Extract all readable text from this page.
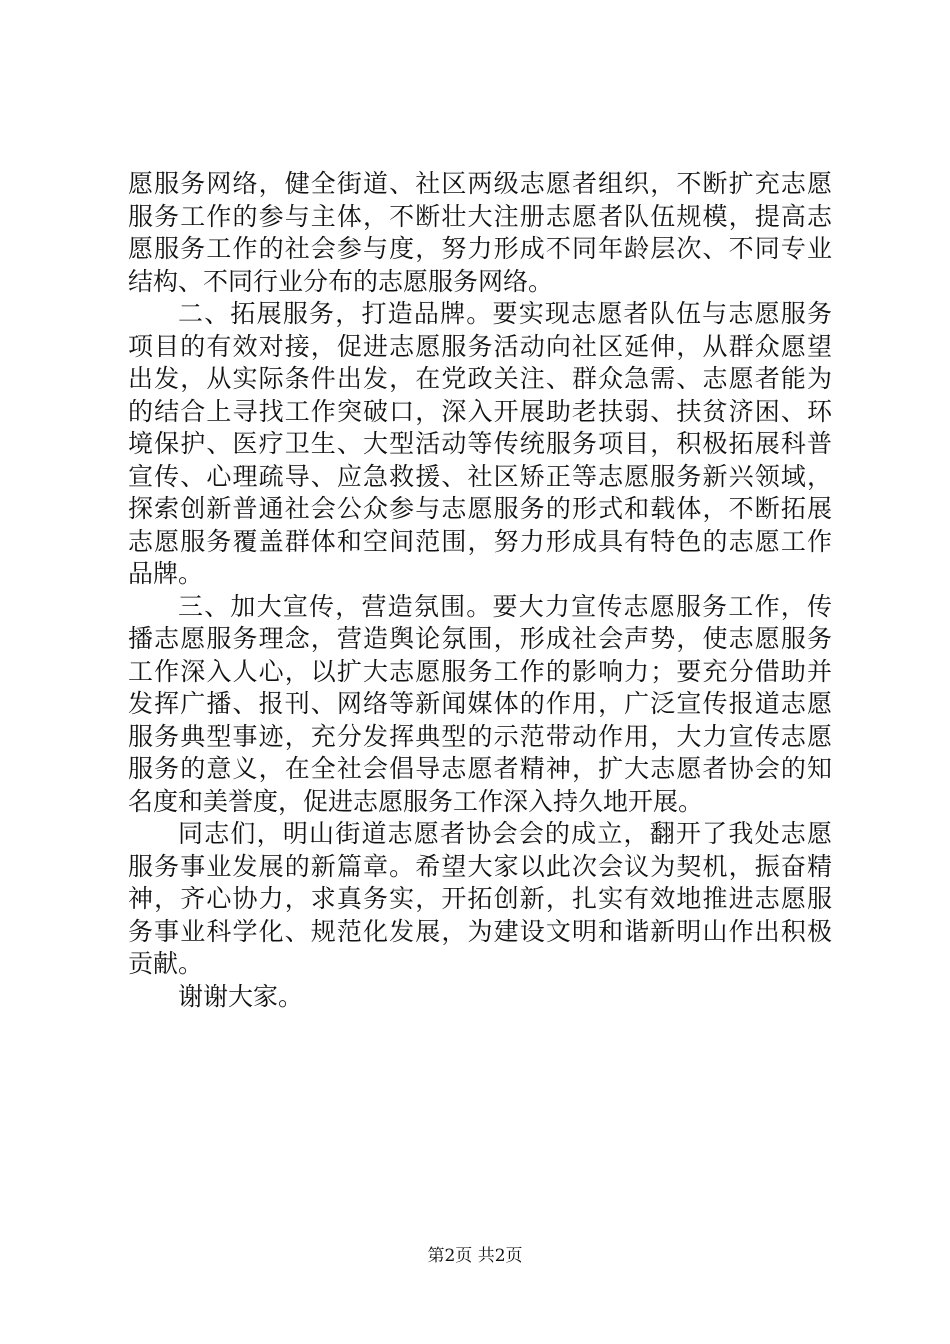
愿服务网络，健全街道、社区两级志愿者组织，不断扩充志愿
服务工作的参与主体，不断壮大注册志愿者队伍规模，提高志
愿服务工作的社会参与度，努力形成不同年龄层次、不同专业
结构、不同行业分布的志愿服务网络。
二、拓展服务，打造品牌。要实现志愿者队伍与志愿服务
项目的有效对接，促进志愿服务活动向社区延伸，从群众愿望
出发，从实际条件出发，在党政关注、群众急需、志愿者能为
的结合上寻找工作突破口，深入开展助老扶弱、扶贫济困、环
境保护、医疗卫生、大型活动等传统服务项目，积极拓展科普
宣传、心理疏导、应急救援、社区矫正等志愿服务新兴领域，
探索创新普通社会公众参与志愿服务的形式和载体，不断拓展
志愿服务覆盖群体和空间范围，努力形成具有特色的志愿工作
品牌。
三、加大宣传，营造氛围。要大力宣传志愿服务工作，传
播志愿服务理念，营造舆论氛围，形成社会声势，使志愿服务
工作深入人心，以扩大志愿服务工作的影响力；要充分借助并
发挥广播、报刊、网络等新闻媒体的作用，广泛宣传报道志愿
服务典型事迹，充分发挥典型的示范带动作用，大力宣传志愿
服务的意义，在全社会倡导志愿者精神，扩大志愿者协会的知
名度和美誉度，促进志愿服务工作深入持久地开展。
同志们，明山街道志愿者协会会的成立，翻开了我处志愿
服务事业发展的新篇章。希望大家以此次会议为契机，振奋精
神，齐心协力，求真务实，开拓创新，扎实有效地推进志愿服
务事业科学化、规范化发展，为建设文明和谐新明山作出积极
贡献。
谢谢大家。
第2页 共2页
